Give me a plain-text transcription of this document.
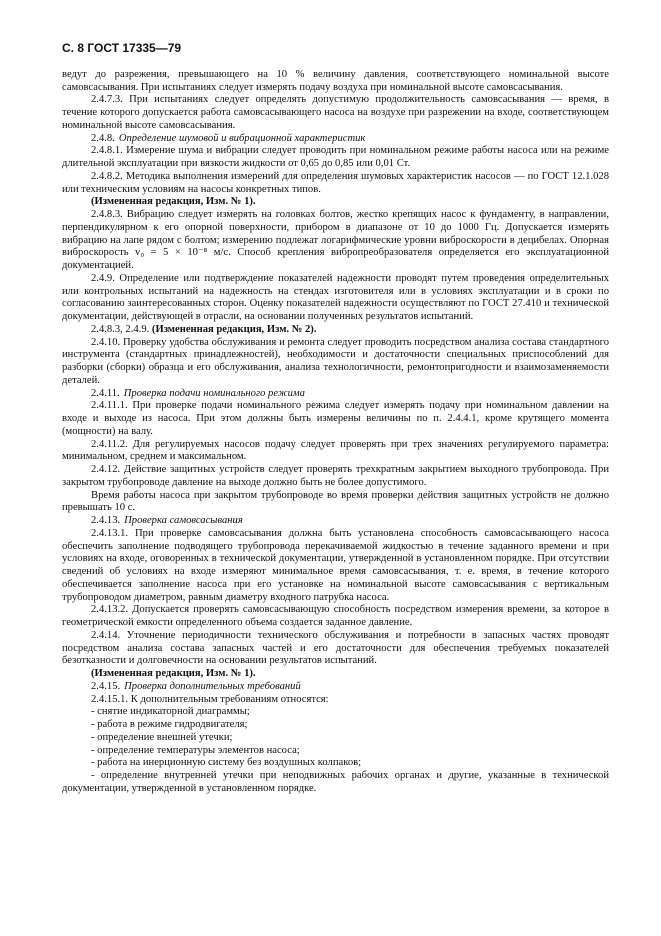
С. 8 ГОСТ 17335—79

ведут до разрежения, превышающего на 10 % величину давления, соответствующего номинальной высоте самовсасывания. При испытаниях следует измерять подачу воздуха при номинальной высоте самовсасывания.

2.4.7.3. При испытаниях следует определять допустимую продолжительность самовсасывания — время, в течение которого допускается работа самовсасывающего насоса на воздухе при разрежении на входе, соответствующем номинальной высоте самовсасывания.

2.4.8. Определение шумовой и вибрационной характеристик

2.4.8.1. Измерение шума и вибрации следует проводить при номинальном режиме работы насоса или на режиме длительной эксплуатации при вязкости жидкости от 0,65 до 0,85 или 0,01 Ст.

2.4.8.2. Методика выполнения измерений для определения шумовых характеристик насосов — по ГОСТ 12.1.028 или техническим условиям на насосы конкретных типов.

(Измененная редакция, Изм. № 1).

2.4.8.3. Вибрацию следует измерять на головках болтов, жестко крепящих насос к фундаменту, в направлении, перпендикулярном к его опорной поверхности, прибором в диапазоне от 10 до 1000 Гц. Допускается измерять вибрацию на лапе рядом с болтом; измерению подлежат логарифмические уровни виброскорости в децибелах. Опорная виброскорость v₀ = 5 × 10⁻⁸ м/с. Способ крепления вибропреобразователя определяется его эксплуатационной документацией.

2.4.9. Определение или подтверждение показателей надежности проводят путем проведения определительных или контрольных испытаний на надежность на стендах изготовителя или в условиях эксплуатации и в сроки по согласованию заинтересованных сторон. Оценку показателей надежности осуществляют по ГОСТ 27.410 и технической документации, действующей в отрасли, на основании полученных результатов испытаний.

2.4.8.3, 2.4.9. (Измененная редакция, Изм. № 2).

2.4.10. Проверку удобства обслуживания и ремонта следует проводить посредством анализа состава стандартного инструмента (стандартных принадлежностей), необходимости и достаточности специальных приспособлений для разборки (сборки) образца и его обслуживания, анализа технологичности, ремонтопригодности и взаимозаменяемости деталей.

2.4.11. Проверка подачи номинального режима

2.4.11.1. При проверке подачи номинального режима следует измерять подачу при номинальном давлении на входе и выходе из насоса. При этом должны быть измерены величины по п. 2.4.4.1, кроме крутящего момента (мощности) на валу.

2.4.11.2. Для регулируемых насосов подачу следует проверять при трех значениях регулируемого параметра: минимальном, среднем и максимальном.

2.4.12. Действие защитных устройств следует проверять трехкратным закрытием выходного трубопровода. При закрытом трубопроводе давление на выходе должно быть не более допустимого.

Время работы насоса при закрытом трубопроводе во время проверки действия защитных устройств не должно превышать 10 с.

2.4.13. Проверка самовсасывания

2.4.13.1. При проверке самовсасывания должна быть установлена способность самовсасывающего насоса обеспечить заполнение подводящего трубопровода перекачиваемой жидкостью в течение заданного времени и при условиях на входе, оговоренных в технической документации, утвержденной в установленном порядке. При отсутствии сведений об условиях на входе измеряют минимальное время самовсасывания, т. е. время, в течение которого обеспечивается заполнение насоса при его установке на номинальной высоте самовсасывания с вертикальным трубопроводом диаметром, равным диаметру входного патрубка насоса.

2.4.13.2. Допускается проверять самовсасывающую способность посредством измерения времени, за которое в геометрической емкости определенного объема создается заданное давление.

2.4.14. Уточнение периодичности технического обслуживания и потребности в запасных частях проводят посредством анализа состава запасных частей и его достаточности для обеспечения требуемых показателей безотказности и долговечности на основании результатов испытаний.

(Измененная редакция, Изм. № 1).

2.4.15. Проверка дополнительных требований

2.4.15.1. К дополнительным требованиям относятся:

- снятие индикаторной диаграммы;

- работа в режиме гидродвигателя;

- определение внешней утечки;

- определение температуры элементов насоса;

- работа на инерционную систему без воздушных колпаков;

- определение внутренней утечки при неподвижных рабочих органах и другие, указанные в технической документации, утвержденной в установленном порядке.
